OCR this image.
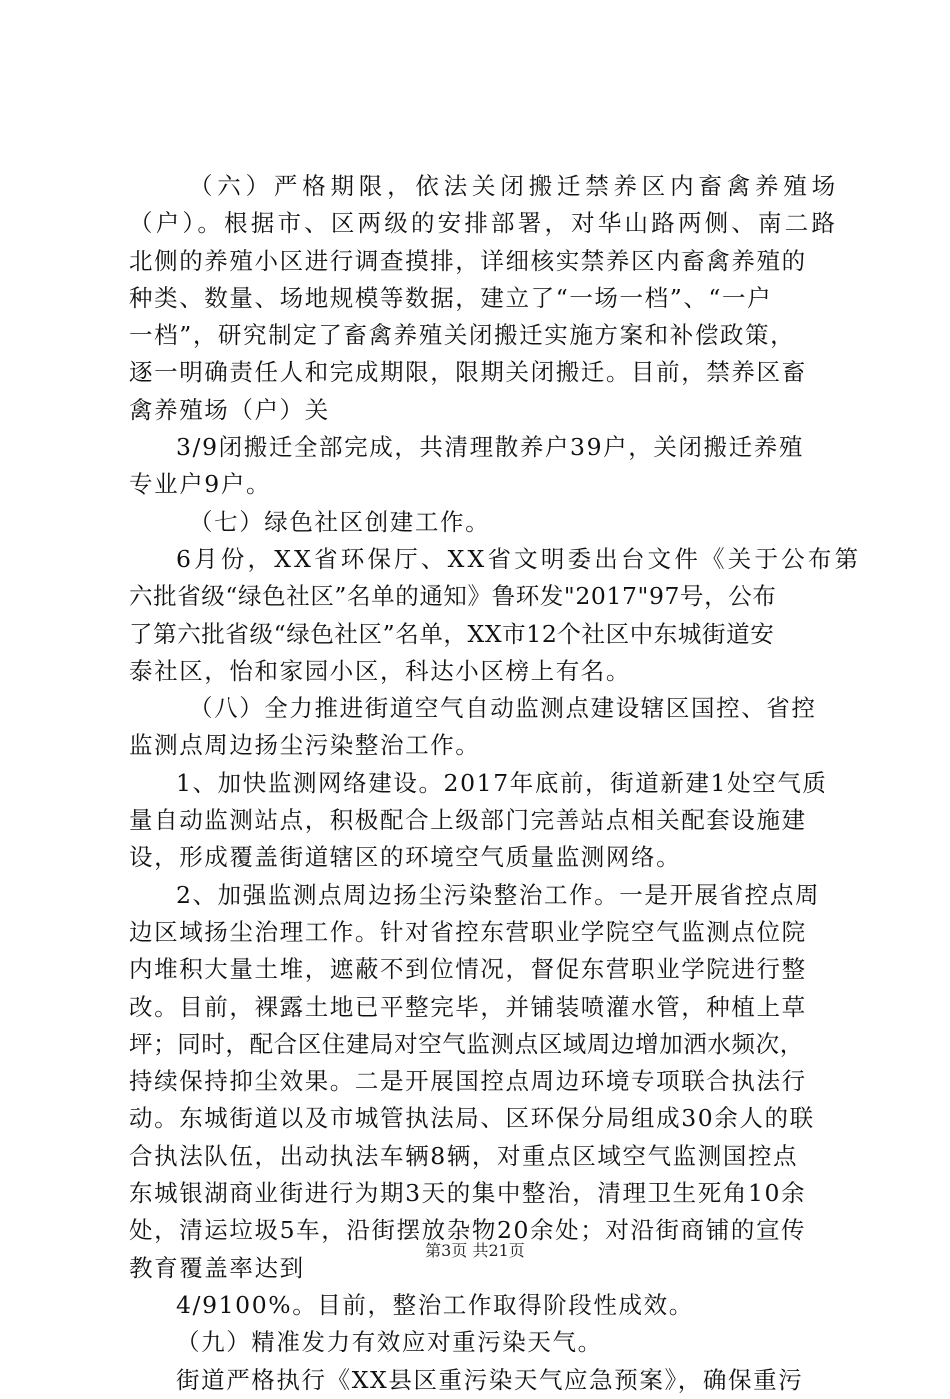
（六）严格期限，依法关闭搬迁禁养区内畜禽养殖场
（户）。根据市、区两级的安排部署，对华山路两侧、南二路
北侧的养殖小区进行调查摸排，详细核实禁养区内畜禽养殖的
种类、数量、场地规模等数据，建立了“一场一档”、“一户
一档”，研究制定了畜禽养殖关闭搬迁实施方案和补偿政策，
逐一明确责任人和完成期限，限期关闭搬迁。目前，禁养区畜
禽养殖场（户）关
3/9闭搬迁全部完成，共清理散养户39户，关闭搬迁养殖
专业户9户。
（七）绿色社区创建工作。
6月份，XX省环保厅、XX省文明委出台文件《关于公布第
六批省级“绿色社区”名单的通知》鲁环发"2017"97号，公布
了第六批省级“绿色社区”名单，XX市12个社区中东城街道安
泰社区，怡和家园小区，科达小区榜上有名。
（八）全力推进街道空气自动监测点建设辖区国控、省控
监测点周边扬尘污染整治工作。
1、加快监测网络建设。2017年底前，街道新建1处空气质
量自动监测站点，积极配合上级部门完善站点相关配套设施建
设，形成覆盖街道辖区的环境空气质量监测网络。
2、加强监测点周边扬尘污染整治工作。一是开展省控点周
边区域扬尘治理工作。针对省控东营职业学院空气监测点位院
内堆积大量土堆，遮蔽不到位情况，督促东营职业学院进行整
改。目前，裸露土地已平整完毕，并铺装喷灌水管，种植上草
坪；同时，配合区住建局对空气监测点区域周边增加洒水频次，
持续保持抑尘效果。二是开展国控点周边环境专项联合执法行
动。东城街道以及市城管执法局、区环保分局组成30余人的联
合执法队伍，出动执法车辆8辆，对重点区域空气监测国控点
东城银湖商业街进行为期3天的集中整治，清理卫生死角10余
处，清运垃圾5车，沿街摆放杂物20余处；对沿街商铺的宣传
教育覆盖率达到
4/9100%。目前，整治工作取得阶段性成效。
（九）精准发力有效应对重污染天气。
街道严格执行《XX县区重污染天气应急预案》，确保重污
第3页 共21页
